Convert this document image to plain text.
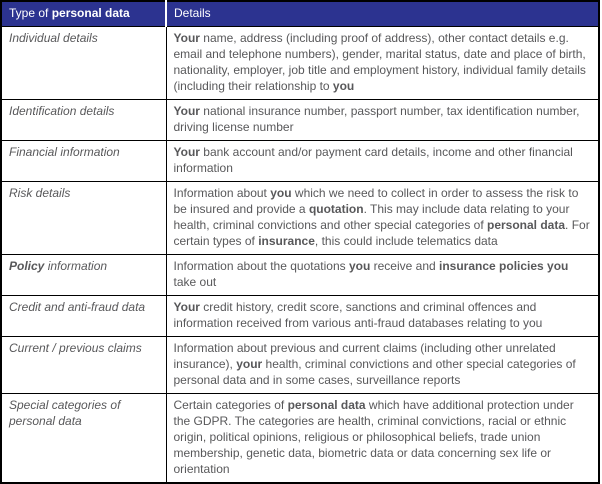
Type of personal data	Details
Individual details	Your name, address (including proof of address), other contact details e.g. email and telephone numbers), gender, marital status, date and place of birth, nationality, employer, job title and employment history, individual family details (including their relationship to you
Identification details	Your national insurance number, passport number, tax identification number, driving license number
Financial information	Your bank account and/or payment card details, income and other financial information
Risk details	Information about you which we need to collect in order to assess the risk to be insured and provide a quotation. This may include data relating to your health, criminal convictions and other special categories of personal data. For certain types of insurance, this could include telematics data
Policy information	Information about the quotations you receive and insurance policies you take out
Credit and anti-fraud data	Your credit history, credit score, sanctions and criminal offences and information received from various anti-fraud databases relating to you
Current / previous claims	Information about previous and current claims (including other unrelated insurance), your health, criminal convictions and other special categories of personal data and in some cases, surveillance reports
Special categories of personal data	Certain categories of personal data which have additional protection under the GDPR. The categories are health, criminal convictions, racial or ethnic origin, political opinions, religious or philosophical beliefs, trade union membership, genetic data, biometric data or data concerning sex life or orientation
